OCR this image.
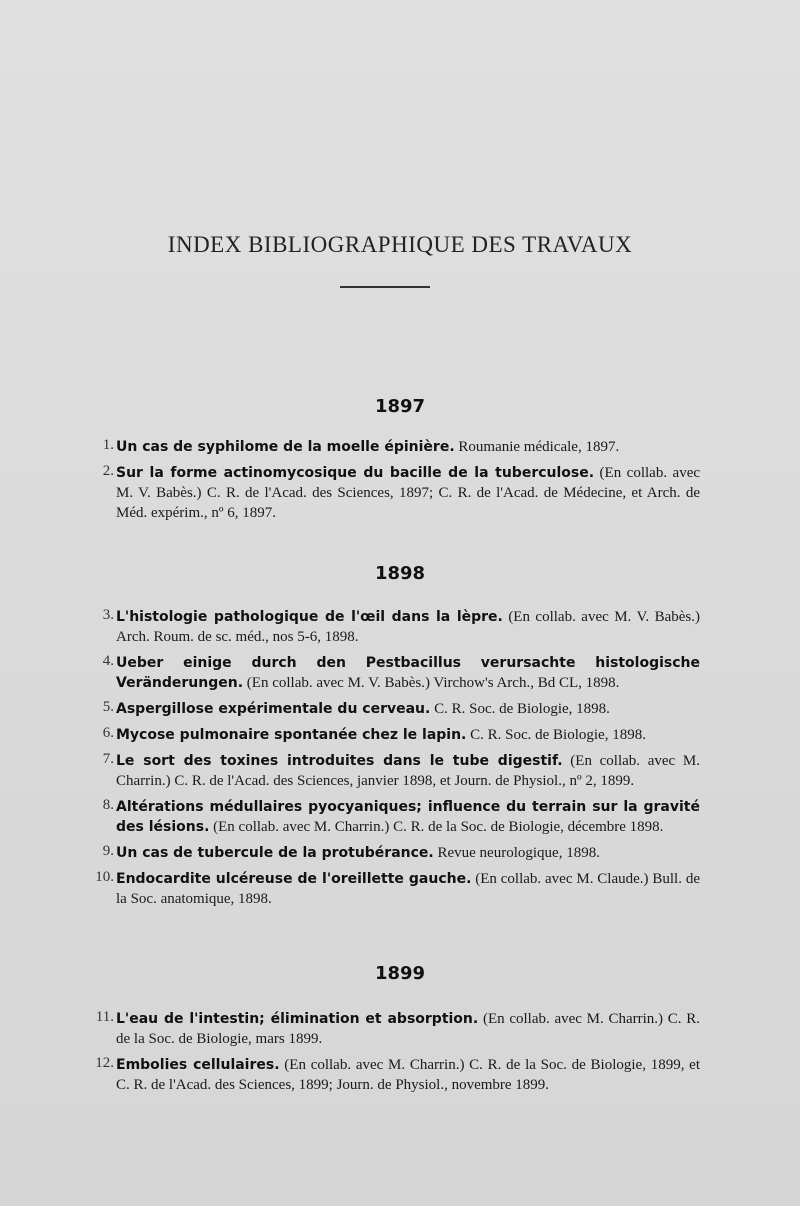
INDEX BIBLIOGRAPHIQUE DES TRAVAUX
1897
1. Un cas de syphilome de la moelle épinière. Roumanie médicale, 1897.
2. Sur la forme actinomycosique du bacille de la tuberculose. (En collab. avec M. V. Babès.) C. R. de l'Acad. des Sciences, 1897; C. R. de l'Acad. de Médecine, et Arch. de Méd. expérim., nº 6, 1897.
1898
3. L'histologie pathologique de l'œil dans la lèpre. (En collab. avec M. V. Babès.) Arch. Roum. de sc. méd., nos 5-6, 1898.
4. Ueber einige durch den Pestbacillus verursachte histologische Veränderungen. (En collab. avec M. V. Babès.) Virchow's Arch., Bd CL, 1898.
5. Aspergillose expérimentale du cerveau. C. R. Soc. de Biologie, 1898.
6. Mycose pulmonaire spontanée chez le lapin. C. R. Soc. de Biologie, 1898.
7. Le sort des toxines introduites dans le tube digestif. (En collab. avec M. Charrin.) C. R. de l'Acad. des Sciences, janvier 1898, et Journ. de Physiol., nº 2, 1899.
8. Altérations médullaires pyocyaniques; influence du terrain sur la gravité des lésions. (En collab. avec M. Charrin.) C. R. de la Soc. de Biologie, décembre 1898.
9. Un cas de tubercule de la protubérance. Revue neurologique, 1898.
10. Endocardite ulcéreuse de l'oreillette gauche. (En collab. avec M. Claude.) Bull. de la Soc. anatomique, 1898.
1899
11. L'eau de l'intestin; élimination et absorption. (En collab. avec M. Charrin.) C. R. de la Soc. de Biologie, mars 1899.
12. Embolies cellulaires. (En collab. avec M. Charrin.) C. R. de la Soc. de Biologie, 1899, et C. R. de l'Acad. des Sciences, 1899; Journ. de Physiol., novembre 1899.
